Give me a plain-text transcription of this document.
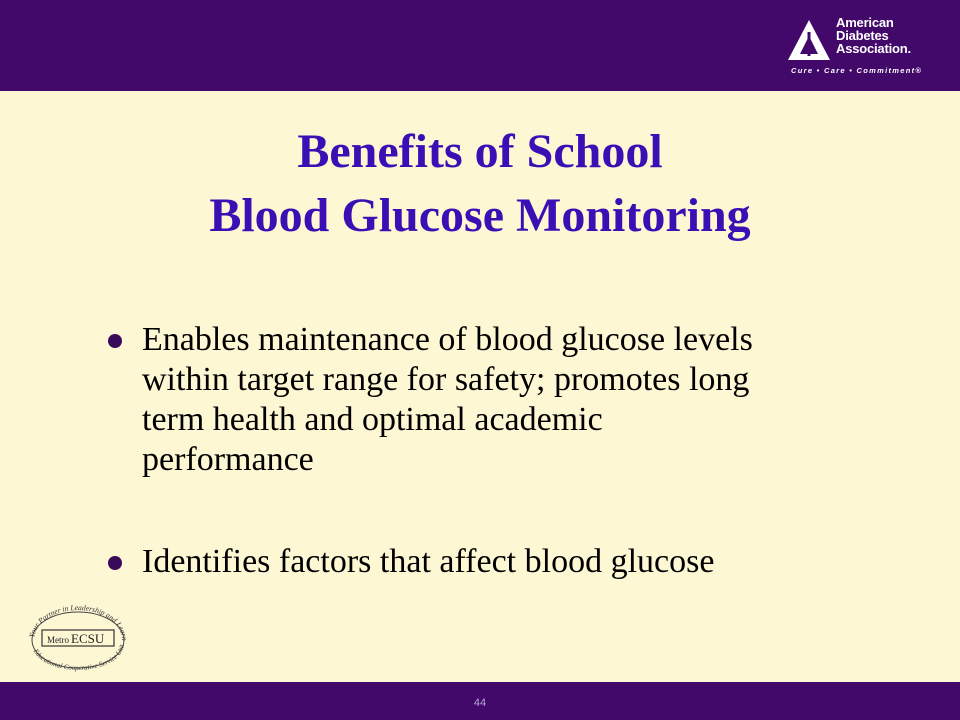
American
Diabetes
Association.
Cure • Care • Commitment®
Benefits of School
Blood Glucose Monitoring
Enables maintenance of blood glucose levels
within target range for safety; promotes long
term health and optimal academic
performance
Identifies factors that affect blood glucose
Your Partner in Leadership and Learn
Metro ECSU
Educational Cooperative Service Unit
44
